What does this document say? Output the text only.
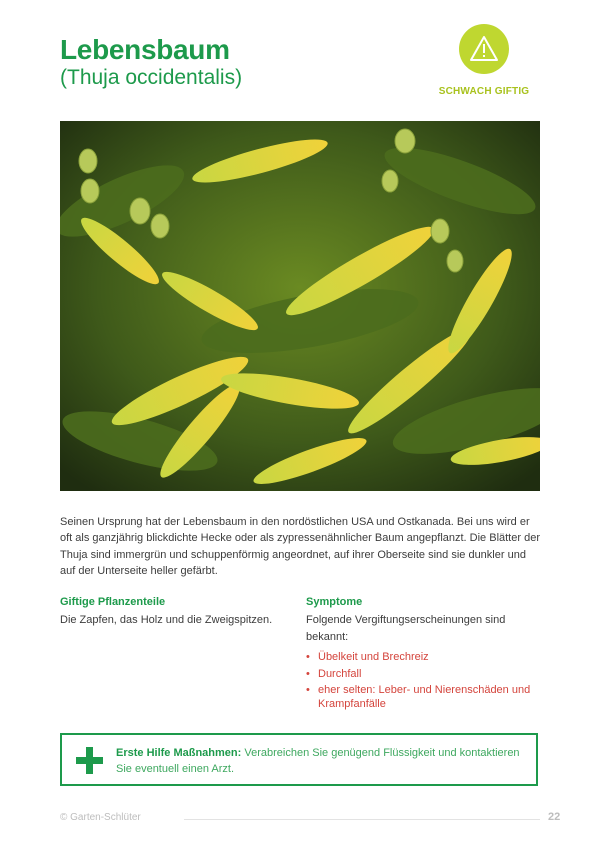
Lebensbaum
(Thuja occidentalis)
SCHWACH GIFTIG

Seinen Ursprung hat der Lebensbaum in den nordöstlichen USA und Ostkanada. Bei uns wird er oft als ganzjährig blickdichte Hecke oder als zypressenähnlicher Baum angepflanzt. Die Blätter der Thuja sind immergrün und schuppenförmig angeordnet, auf ihrer Oberseite sind sie dunkler und auf der Unterseite heller gefärbt.

Giftige Pflanzenteile
Die Zapfen, das Holz und die Zweigspitzen.
Symptome
Folgende Vergiftungserscheinungen sind bekannt:
• Übelkeit und Brechreiz
• Durchfall
• eher selten: Leber- und Nierenschäden und Krampfanfälle
Erste Hilfe Maßnahmen: Verabreichen Sie genügend Flüssigkeit und kontaktieren Sie eventuell einen Arzt.
© Garten-Schlüter	22
